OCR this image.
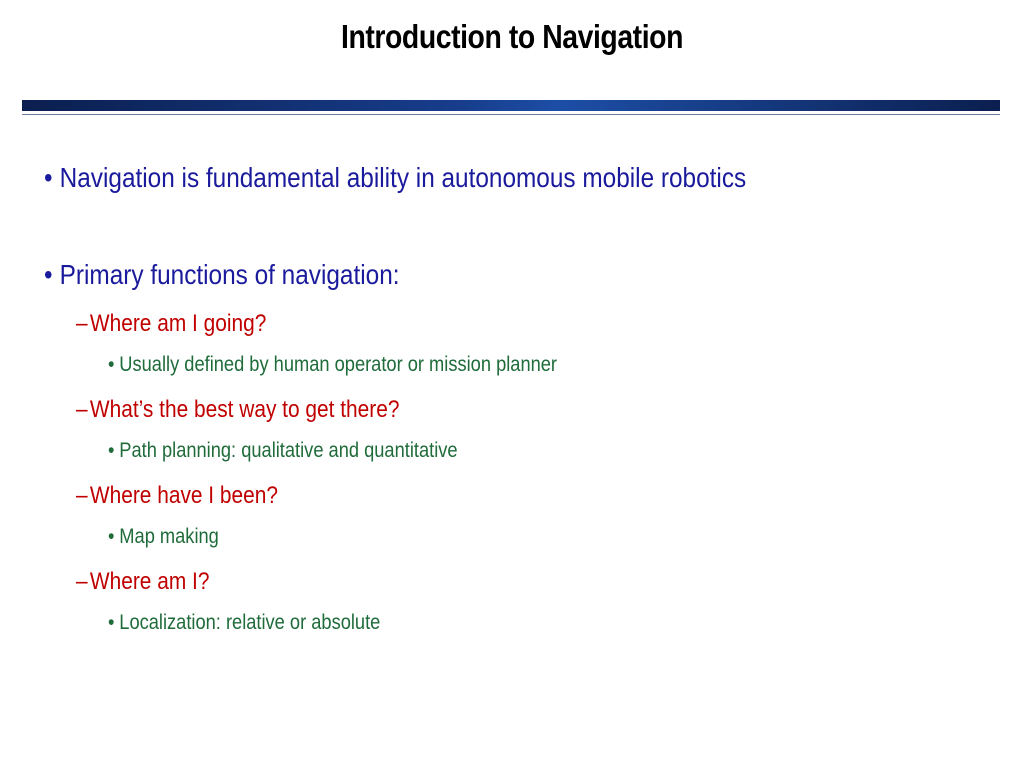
Introduction to Navigation
• Navigation is fundamental ability in autonomous mobile robotics
• Primary functions of navigation:
–Where am I going?
• Usually defined by human operator or mission planner
–What’s the best way to get there?
• Path planning: qualitative and quantitative
–Where have I been?
• Map making
–Where am I?
• Localization: relative or absolute
